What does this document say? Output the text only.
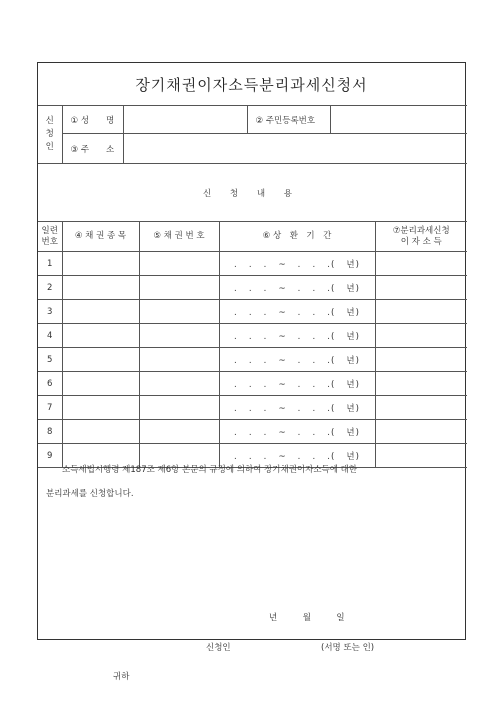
장기채권이자소득분리과세신청서
신
청
인	① 성　　명		② 주민등록번호	
	③ 주　　소			
신 청 내 용
일련
번호	④ 채 권 종 목	⑤ 채 권 번 호	⑥ 상　환　기　간	⑦분리과세신청
이 자 소 득
1			.   .   .   ~   .   .   .(   년)	
2			.   .   .   ~   .   .   .(   년)	
3			.   .   .   ~   .   .   .(   년)	
4			.   .   .   ~   .   .   .(   년)	
5			.   .   .   ~   .   .   .(   년)	
6			.   .   .   ~   .   .   .(   년)	
7			.   .   .   ~   .   .   .(   년)	
8			.   .   .   ~   .   .   .(   년)	
9			.   .   .   ~   .   .   .(   년)	
소득세법시행령 제187조 제6항 본문의 규정에 의하여 장기채권이자소득에 대한
분리과세를 신청합니다.
년　　　월　　　일
신청인	(서명 또는 인)
귀하
